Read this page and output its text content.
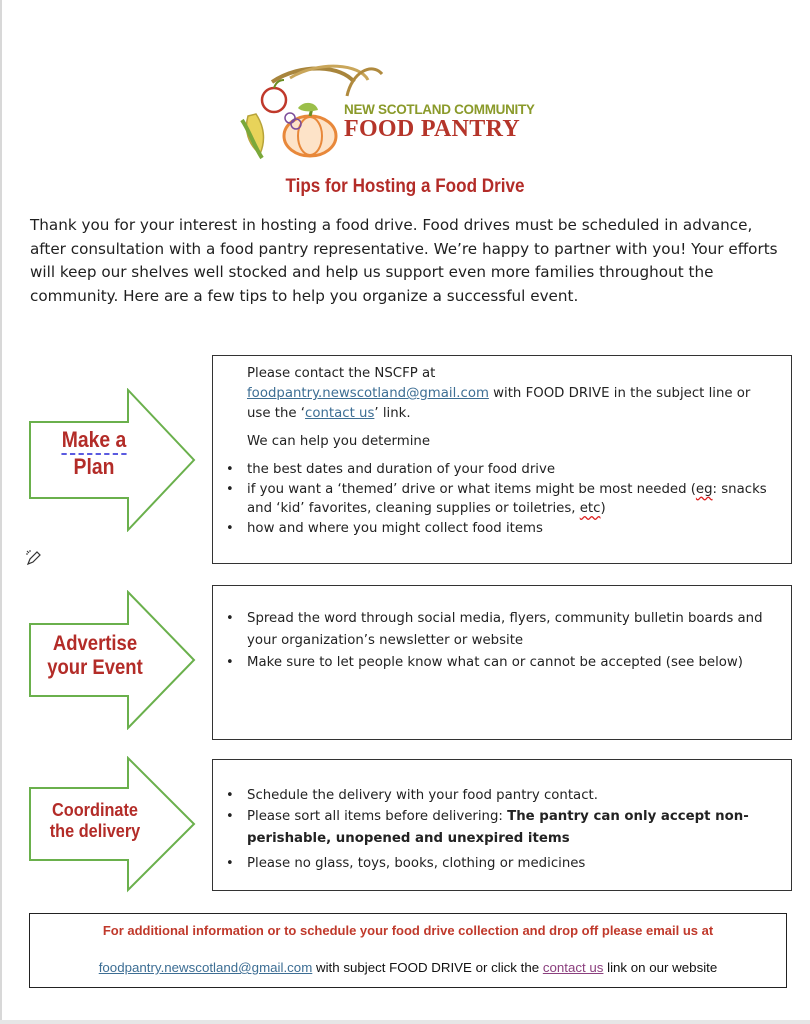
NEW SCOTLAND COMMUNITY
FOOD PANTRY
Tips for Hosting a Food Drive
Thank you for your interest in hosting a food drive. Food drives must be scheduled in advance, after consultation with a food pantry representative. We’re happy to partner with you! Your efforts will keep our shelves well stocked and help us support even more families throughout the community. Here are a few tips to help you organize a successful event.
Make a
Plan

Please contact the NSCFP at
foodpantry.newscotland@gmail.com with FOOD DRIVE in the subject line or use the ‘contact us’ link.

We can help you determine

• the best dates and duration of your food drive
• if you want a ‘themed’ drive or what items might be most needed (eg: snacks and ‘kid’ favorites, cleaning supplies or toiletries, etc)
• how and where you might collect food items
Advertise
your Event
• Spread the word through social media, flyers, community bulletin boards and your organization’s newsletter or website
• Make sure to let people know what can or cannot be accepted (see below)
Coordinate
the delivery
• Schedule the delivery with your food pantry contact.
• Please sort all items before delivering: The pantry can only accept non-perishable, unopened and unexpired items
• Please no glass, toys, books, clothing or medicines
For additional information or to schedule your food drive collection and drop off please email us at
foodpantry.newscotland@gmail.com with subject FOOD DRIVE or click the contact us link on our website
